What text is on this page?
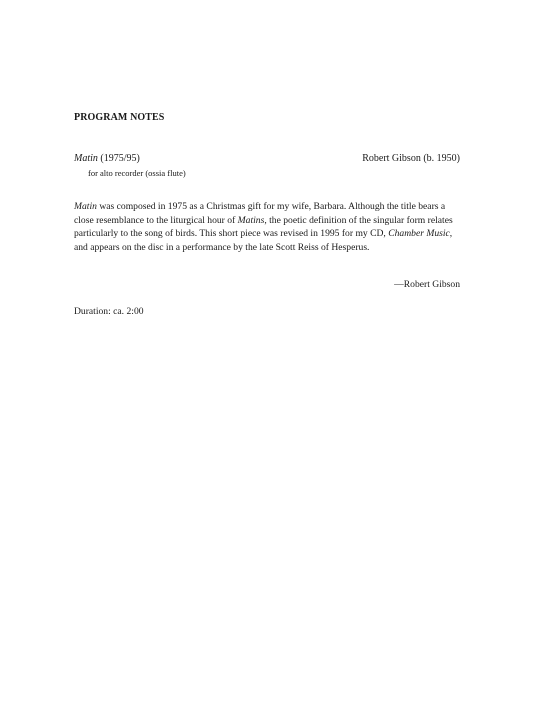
PROGRAM NOTES
Matin (1975/95)	Robert Gibson (b. 1950)
for alto recorder (ossia flute)

Matin was composed in 1975 as a Christmas gift for my wife, Barbara. Although the title bears a close resemblance to the liturgical hour of Matins, the poetic definition of the singular form relates particularly to the song of birds. This short piece was revised in 1995 for my CD, Chamber Music, and appears on the disc in a performance by the late Scott Reiss of Hesperus.

—Robert Gibson
Duration: ca. 2:00
